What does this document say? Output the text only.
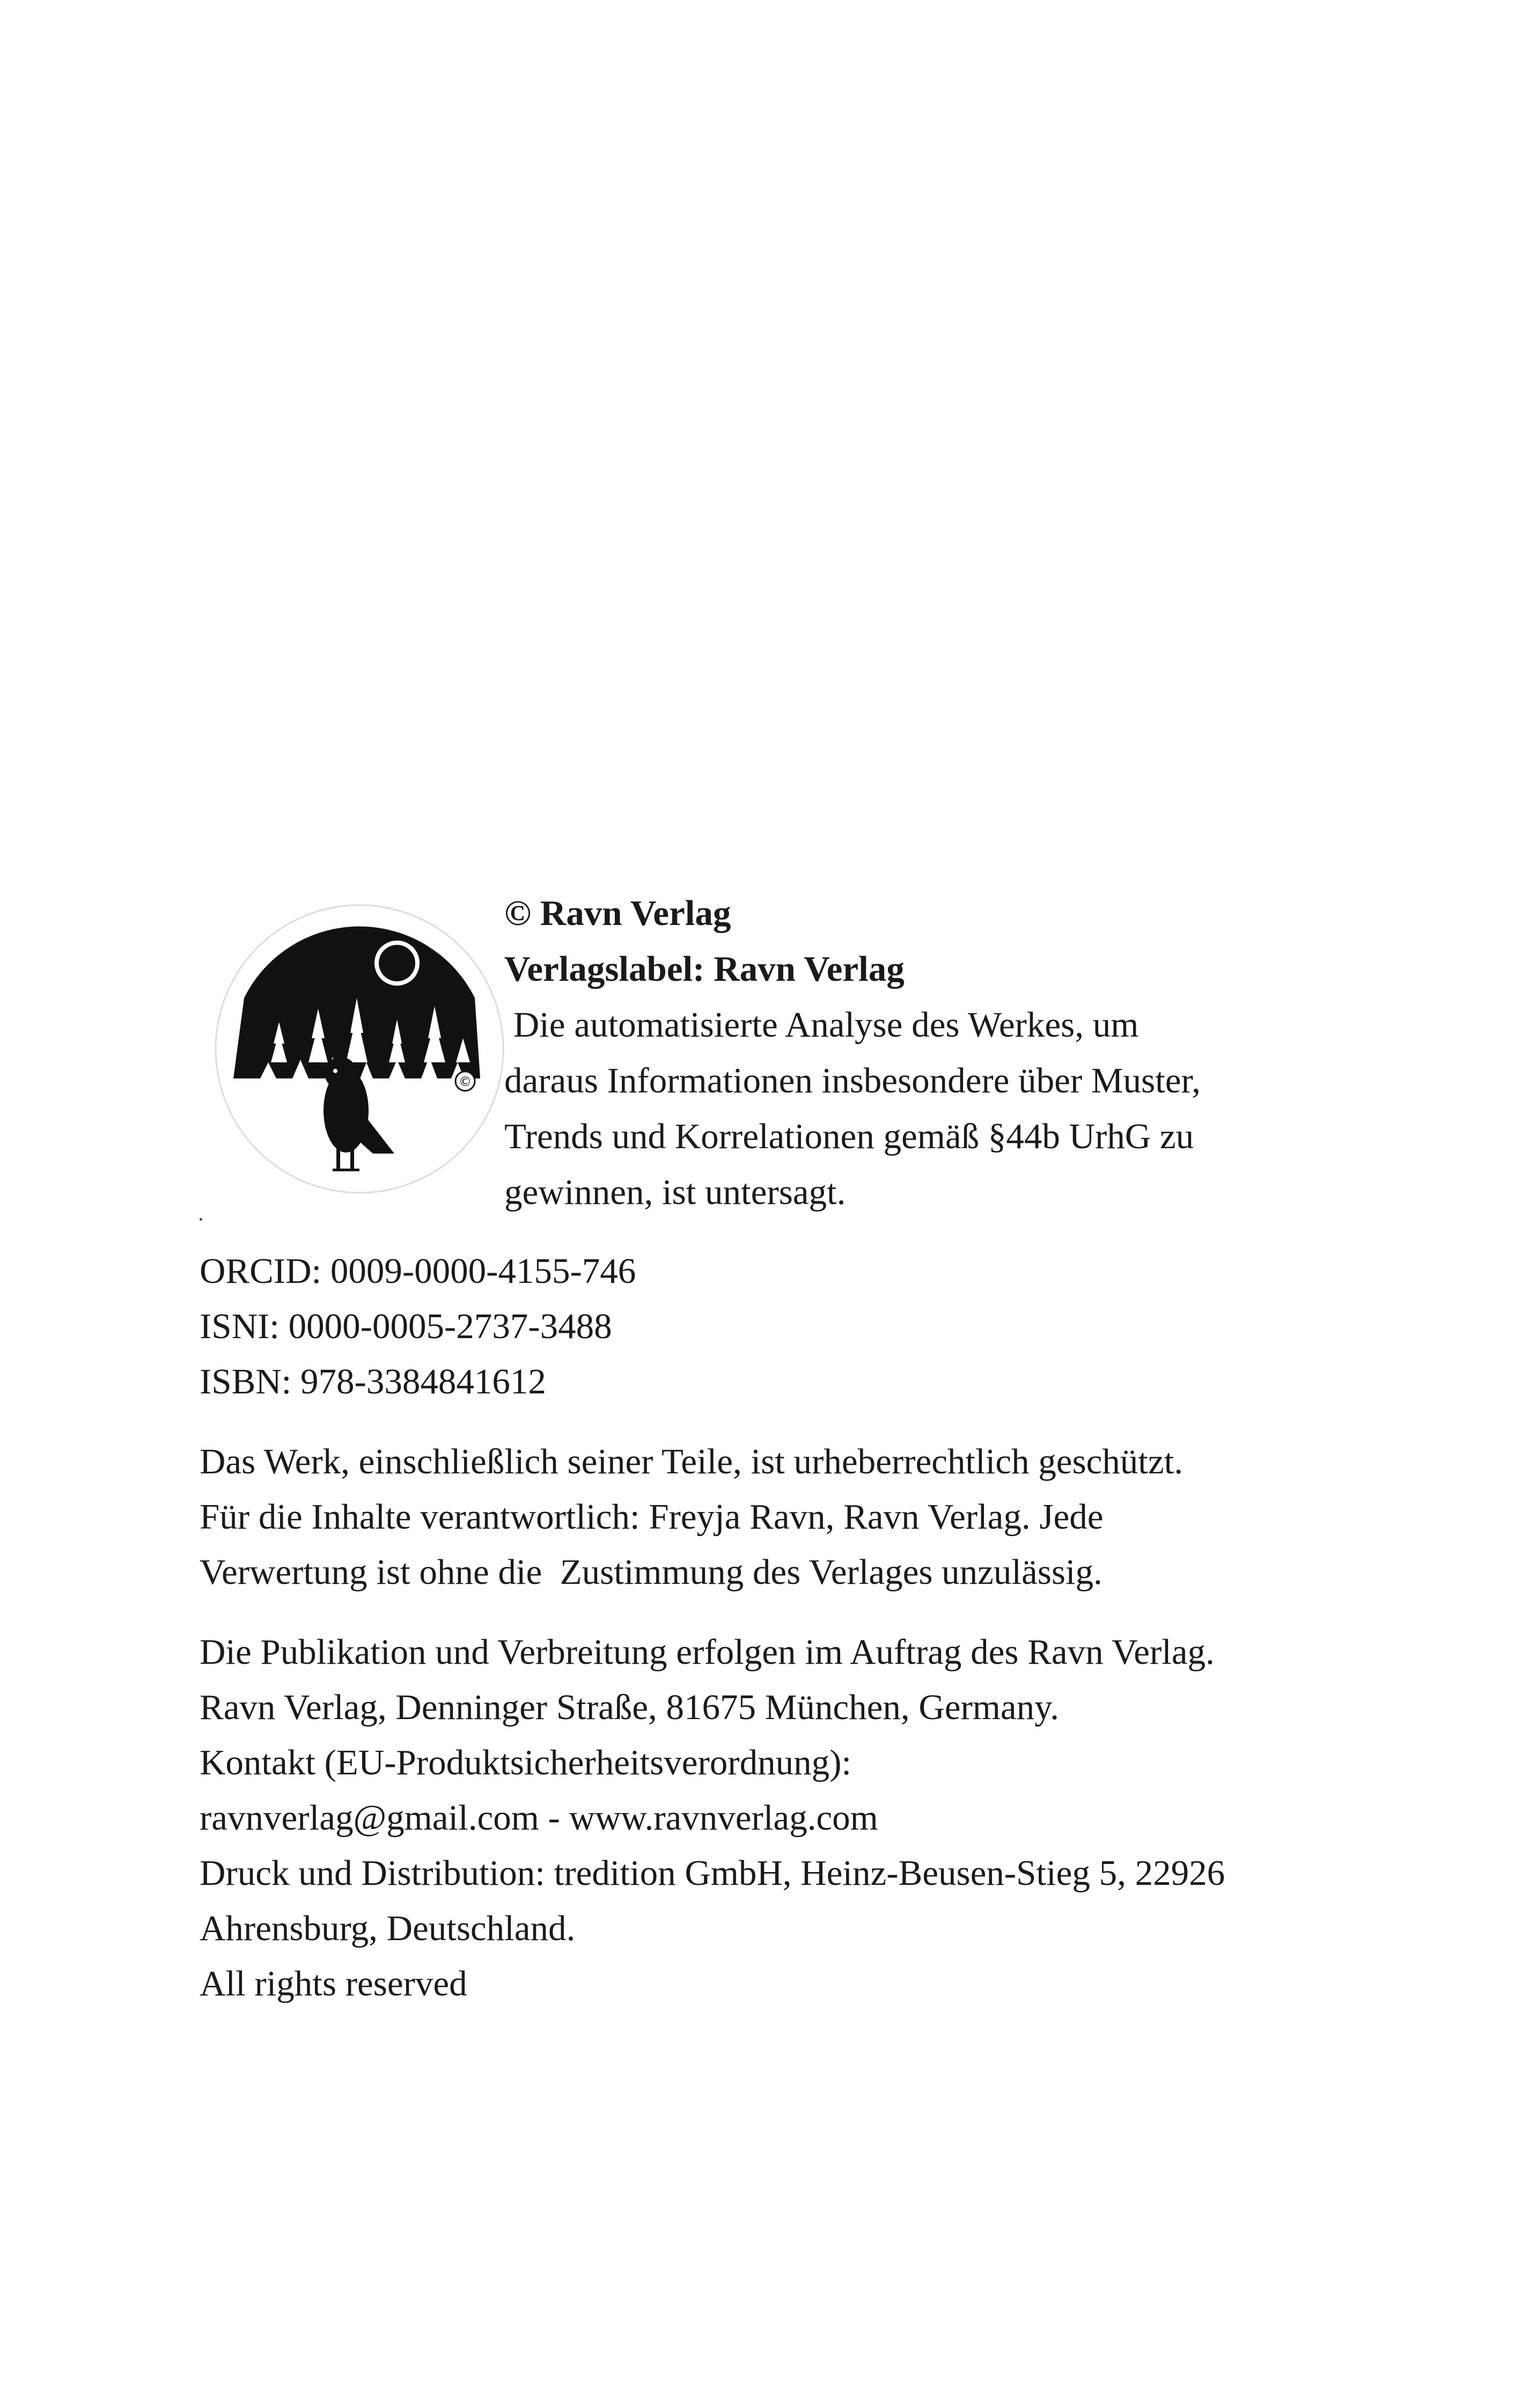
©
© Ravn Verlag
Verlagslabel: Ravn Verlag
Die automatisierte Analyse des Werkes, um
daraus Informationen insbesondere über Muster,
Trends und Korrelationen gemäß §44b UrhG zu
gewinnen, ist untersagt.

ORCID: 0009-0000-4155-746

ISNI: 0000-0005-2737-3488

ISBN: 978-3384841612

Das Werk, einschließlich seiner Teile, ist urheberrechtlich geschützt.

Für die Inhalte verantwortlich: Freyja Ravn, Ravn Verlag. Jede

Verwertung ist ohne die  Zustimmung des Verlages unzulässig.

Die Publikation und Verbreitung erfolgen im Auftrag des Ravn Verlag.

Ravn Verlag, Denninger Straße, 81675 München, Germany.

Kontakt (EU-Produktsicherheitsverordnung):

ravnverlag@gmail.com - www.ravnverlag.com

Druck und Distribution: tredition GmbH, Heinz-Beusen-Stieg 5, 22926

Ahrensburg, Deutschland.

All rights reserved
